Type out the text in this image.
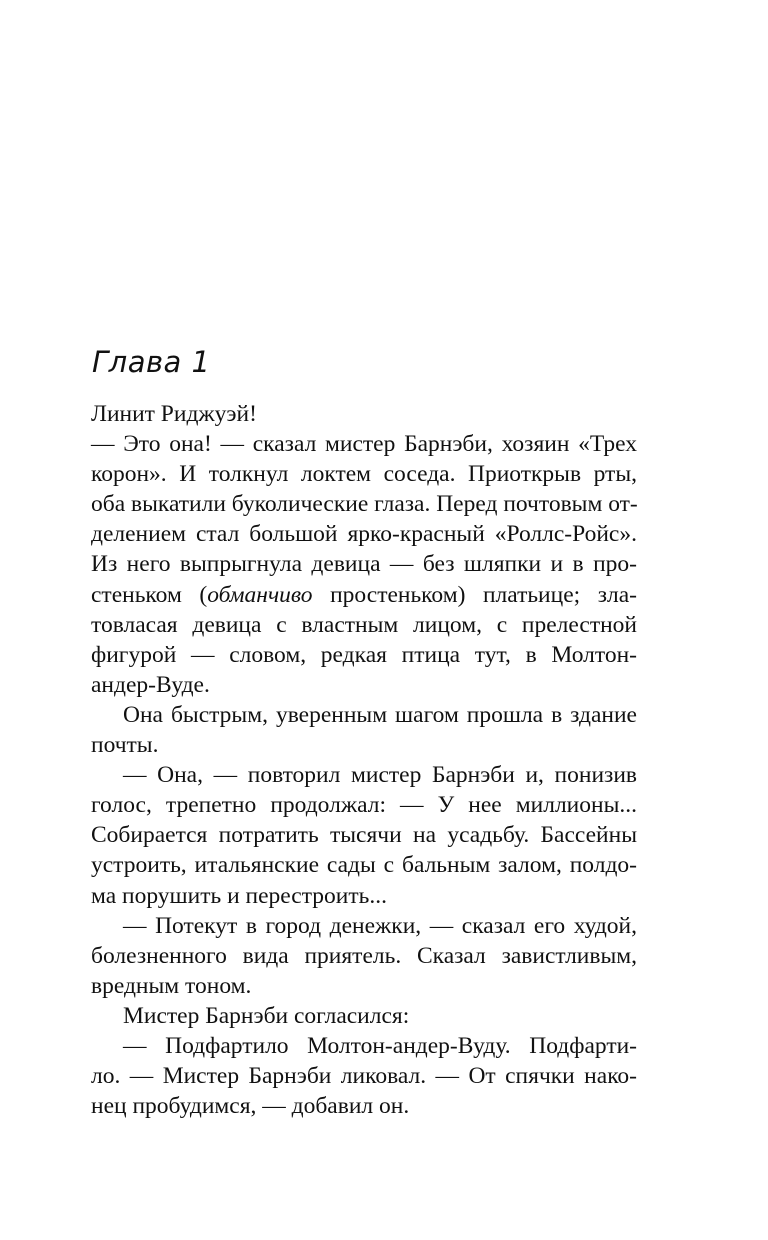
Глава 1
Линит Риджуэй!
— Это она! — сказал мистер Барнэби, хозяин «Трех
корон». И толкнул локтем соседа. Приоткрыв рты,
оба выкатили буколические глаза. Перед почтовым от-
делением стал большой ярко-красный «Роллс-Ройс».
Из него выпрыгнула девица — без шляпки и в про-
стеньком (обманчиво простеньком) платьице; зла-
товласая девица с властным лицом, с прелестной
фигурой — словом, редкая птица тут, в Молтон-
андер-Вуде.
Она быстрым, уверенным шагом прошла в здание
почты.
— Она, — повторил мистер Барнэби и, понизив
голос, трепетно продолжал: — У нее миллионы...
Собирается потратить тысячи на усадьбу. Бассейны
устроить, итальянские сады с бальным залом, полдо-
ма порушить и перестроить...
— Потекут в город денежки, — сказал его худой,
болезненного вида приятель. Сказал завистливым,
вредным тоном.
Мистер Барнэби согласился:
— Подфартило Молтон-андер-Вуду. Подфарти-
ло. — Мистер Барнэби ликовал. — От спячки нако-
нец пробудимся, — добавил он.
